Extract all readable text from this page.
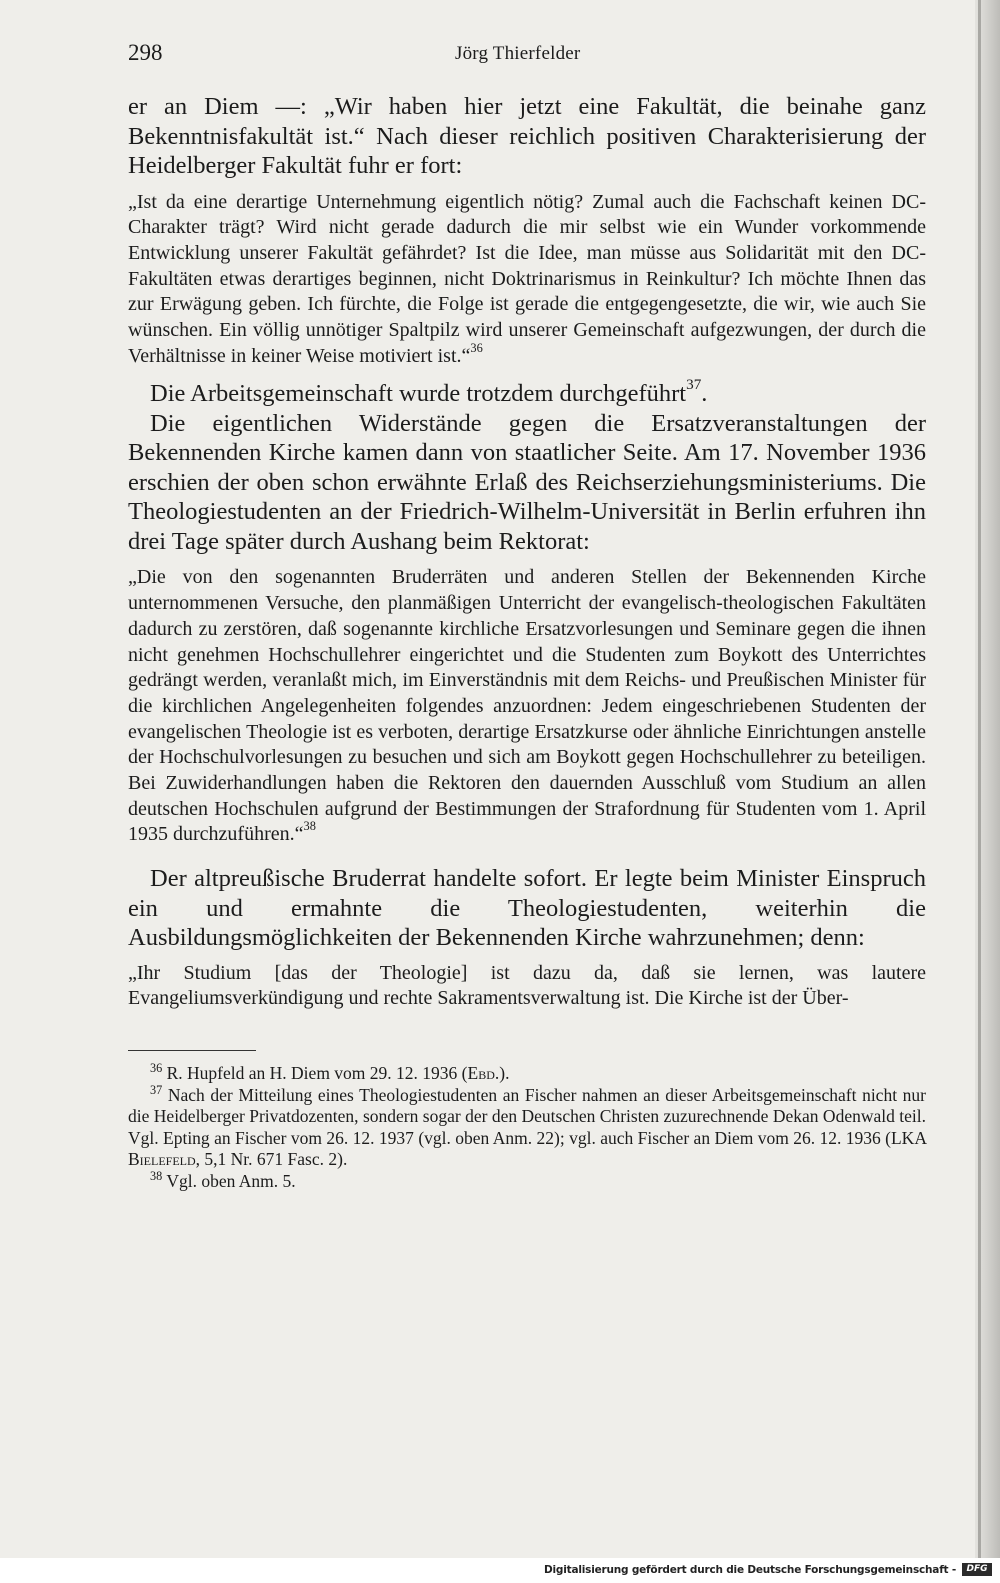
298	Jörg Thierfelder

er an Diem —: „Wir haben hier jetzt eine Fakultät, die beinahe ganz Bekenntnisfakultät ist.“ Nach dieser reichlich positiven Charakterisierung der Heidelberger Fakultät fuhr er fort:

„Ist da eine derartige Unternehmung eigentlich nötig? Zumal auch die Fachschaft keinen DC-Charakter trägt? Wird nicht gerade dadurch die mir selbst wie ein Wunder vorkommende Entwicklung unserer Fakultät gefährdet? Ist die Idee, man müsse aus Solidarität mit den DC-Fakultäten etwas derartiges beginnen, nicht Doktrinarismus in Reinkultur? Ich möchte Ihnen das zur Erwägung geben. Ich fürchte, die Folge ist gerade die entgegengesetzte, die wir, wie auch Sie wünschen. Ein völlig unnötiger Spaltpilz wird unserer Gemeinschaft aufgezwungen, der durch die Verhältnisse in keiner Weise motiviert ist.“$^{36}$

Die Arbeitsgemeinschaft wurde trotzdem durchgeführt$^{37}$.

Die eigentlichen Widerstände gegen die Ersatzveranstaltungen der Bekennenden Kirche kamen dann von staatlicher Seite. Am 17. November 1936 erschien der oben schon erwähnte Erlaß des Reichserziehungsministeriums. Die Theologiestudenten an der Friedrich-Wilhelm-Universität in Berlin erfuhren ihn drei Tage später durch Aushang beim Rektorat:

„Die von den sogenannten Bruderräten und anderen Stellen der Bekennenden Kirche unternommenen Versuche, den planmäßigen Unterricht der evangelisch-theologischen Fakultäten dadurch zu zerstören, daß sogenannte kirchliche Ersatzvorlesungen und Seminare gegen die ihnen nicht genehmen Hochschullehrer eingerichtet und die Studenten zum Boykott des Unterrichtes gedrängt werden, veranlaßt mich, im Einverständnis mit dem Reichs- und Preußischen Minister für die kirchlichen Angelegenheiten folgendes anzuordnen: Jedem eingeschriebenen Studenten der evangelischen Theologie ist es verboten, derartige Ersatzkurse oder ähnliche Einrichtungen anstelle der Hochschulvorlesungen zu besuchen und sich am Boykott gegen Hochschullehrer zu beteiligen. Bei Zuwiderhandlungen haben die Rektoren den dauernden Ausschluß vom Studium an allen deutschen Hochschulen aufgrund der Bestimmungen der Strafordnung für Studenten vom 1. April 1935 durchzuführen.“$^{38}$

Der altpreußische Bruderrat handelte sofort. Er legte beim Minister Einspruch ein und ermahnte die Theologiestudenten, weiterhin die Ausbildungsmöglichkeiten der Bekennenden Kirche wahrzunehmen; denn:

„Ihr Studium [das der Theologie] ist dazu da, daß sie lernen, was lautere Evangeliumsverkündigung und rechte Sakramentsverwaltung ist. Die Kirche ist der Über-

$^{36}$ R. Hupfeld an H. Diem vom 29. 12. 1936 (Ebd.).

$^{37}$ Nach der Mitteilung eines Theologiestudenten an Fischer nahmen an dieser Arbeitsgemeinschaft nicht nur die Heidelberger Privatdozenten, sondern sogar der den Deutschen Christen zuzurechnende Dekan Odenwald teil. Vgl. Epting an Fischer vom 26. 12. 1937 (vgl. oben Anm. 22); vgl. auch Fischer an Diem vom 26. 12. 1936 (LKA Bielefeld, 5,1 Nr. 671 Fasc. 2).

$^{38}$ Vgl. oben Anm. 5.

Digitalisierung gefördert durch die Deutsche Forschungsgemeinschaft -	DFG
